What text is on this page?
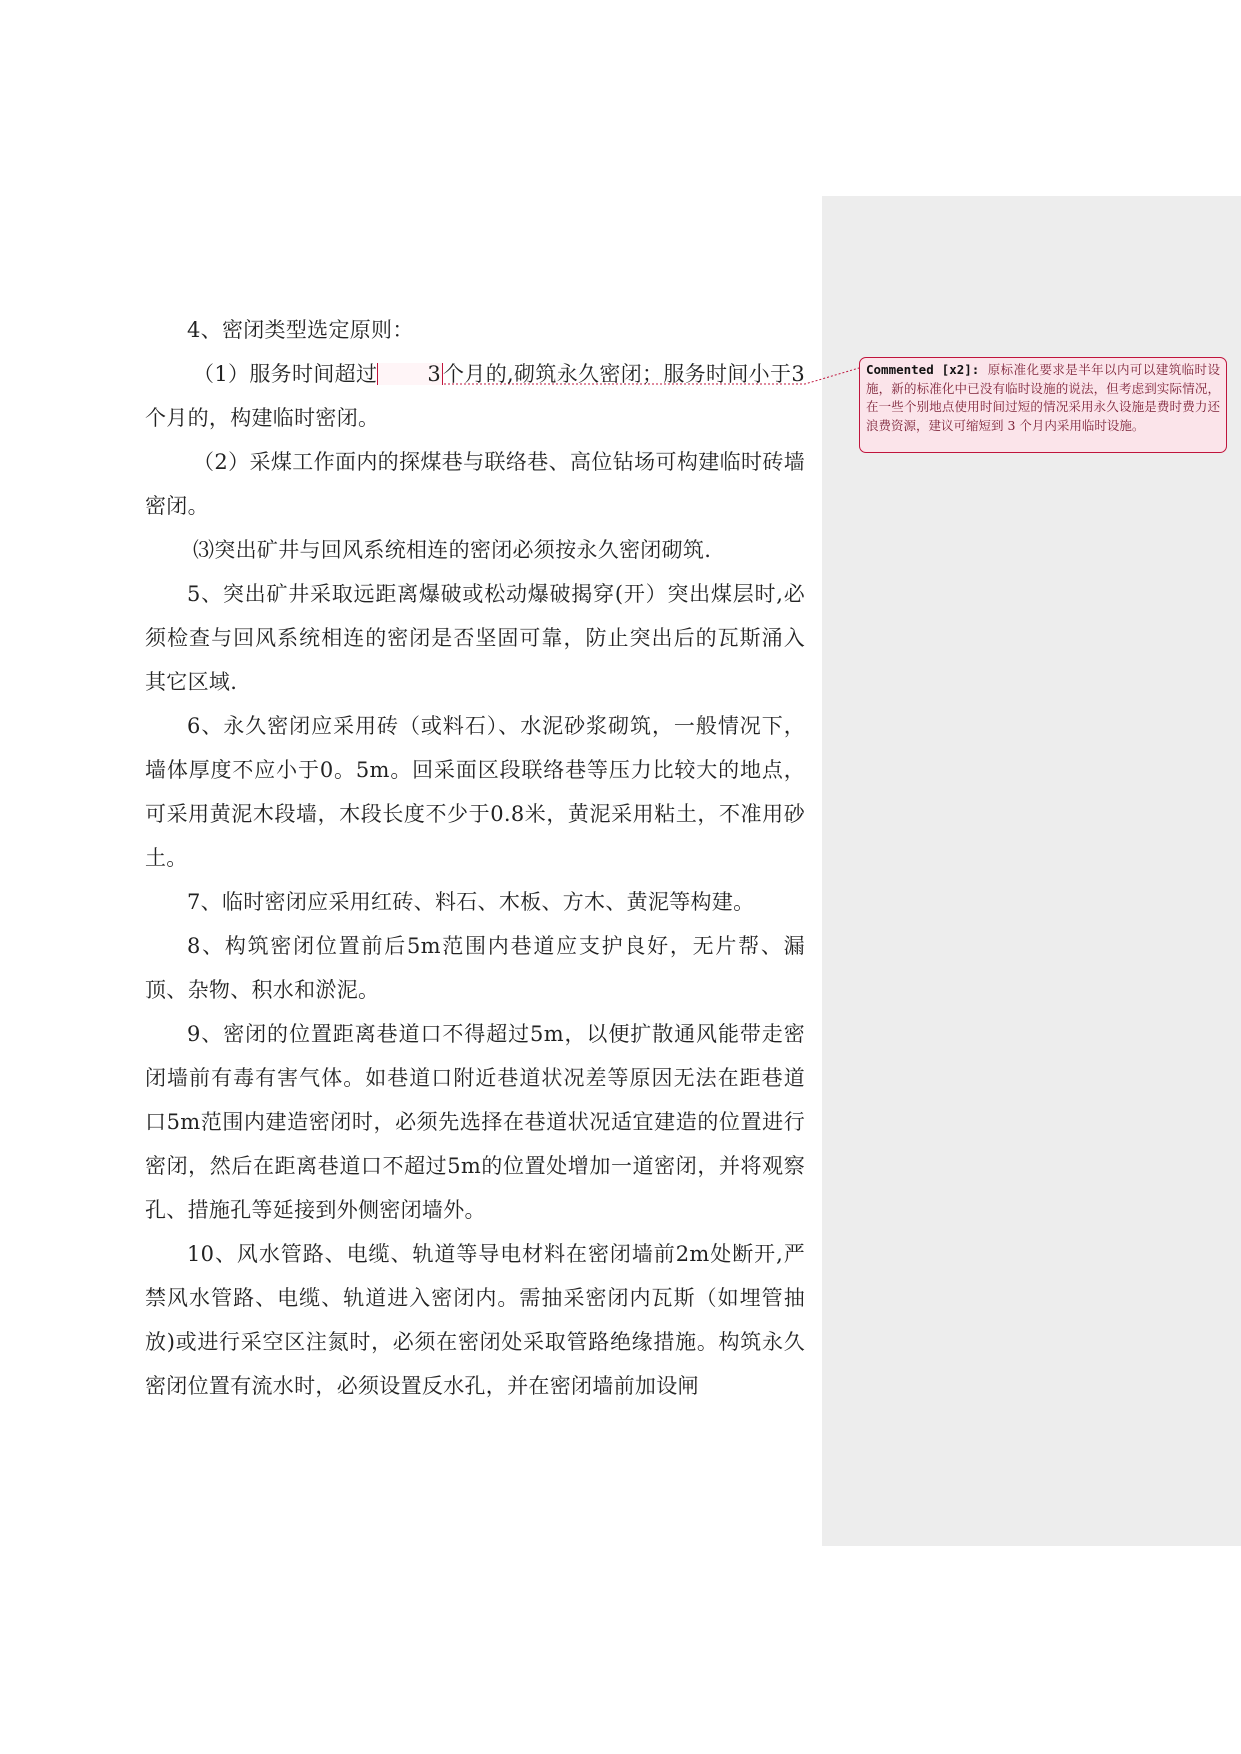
4、密闭类型选定原则：

（1）服务时间超过 3个月的,砌筑永久密闭；服务时间小于3个月的，构建临时密闭。

（2）采煤工作面内的探煤巷与联络巷、高位钻场可构建临时砖墙密闭。

⑶突出矿井与回风系统相连的密闭必须按永久密闭砌筑.

5、突出矿井采取远距离爆破或松动爆破揭穿(开）突出煤层时,必须检查与回风系统相连的密闭是否坚固可靠，防止突出后的瓦斯涌入其它区域.

6、永久密闭应采用砖（或料石）、水泥砂浆砌筑，一般情况下，墙体厚度不应小于0。5m。回采面区段联络巷等压力比较大的地点，可采用黄泥木段墙，木段长度不少于0.8米，黄泥采用粘土，不准用砂土。

7、临时密闭应采用红砖、料石、木板、方木、黄泥等构建。

8、构筑密闭位置前后5m范围内巷道应支护良好，无片帮、漏顶、杂物、积水和淤泥。

9、密闭的位置距离巷道口不得超过5m，以便扩散通风能带走密闭墙前有毒有害气体。如巷道口附近巷道状况差等原因无法在距巷道口5m范围内建造密闭时，必须先选择在巷道状况适宜建造的位置进行密闭，然后在距离巷道口不超过5m的位置处增加一道密闭，并将观察孔、措施孔等延接到外侧密闭墙外。

10、风水管路、电缆、轨道等导电材料在密闭墙前2m处断开,严禁风水管路、电缆、轨道进入密闭内。需抽采密闭内瓦斯（如埋管抽放)或进行采空区注氮时，必须在密闭处采取管路绝缘措施。构筑永久密闭位置有流水时，必须设置反水孔，并在密闭墙前加设闸

Commented [x2]: 原标准化要求是半年以内可以建筑临时设施，新的标准化中已没有临时设施的说法，但考虑到实际情况，在一些个别地点使用时间过短的情况采用永久设施是费时费力还浪费资源，建议可缩短到 3 个月内采用临时设施。
